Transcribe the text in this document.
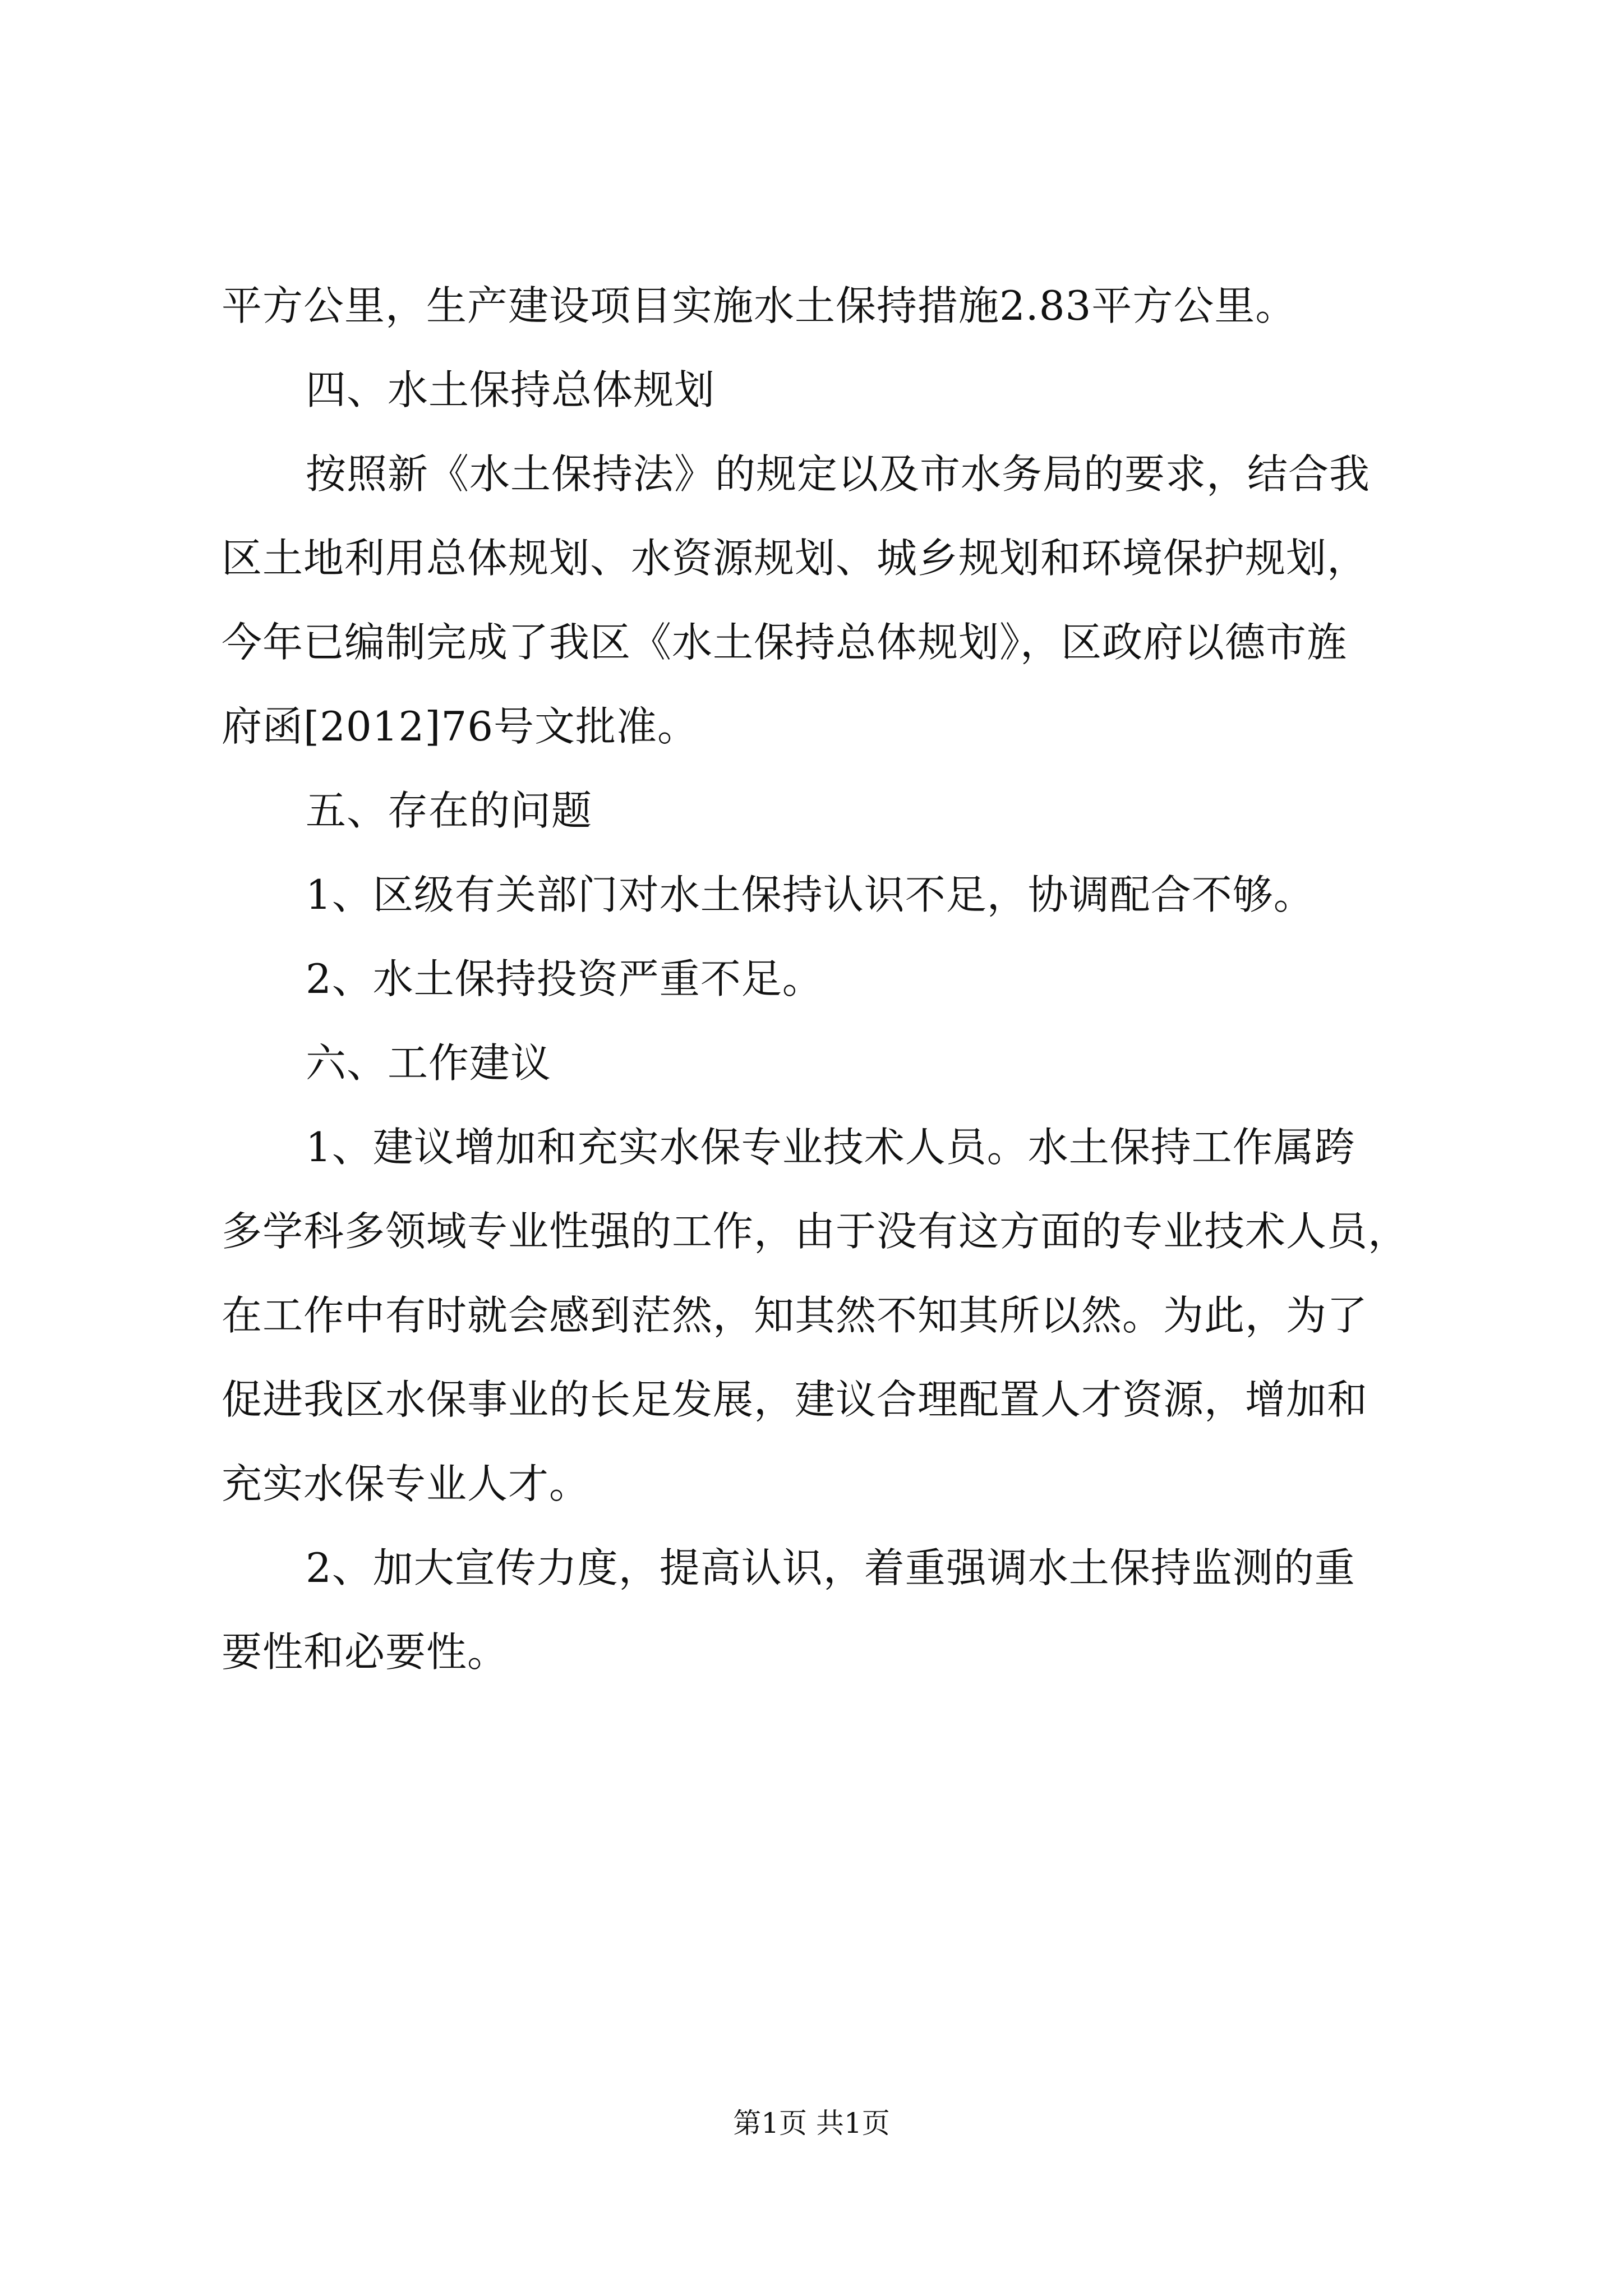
平方公里，生产建设项目实施水土保持措施2.83平方公里。
四、水土保持总体规划
按照新《水土保持法》的规定以及市水务局的要求，结合我
区土地利用总体规划、水资源规划、城乡规划和环境保护规划，
今年已编制完成了我区《水土保持总体规划》，区政府以德市旌
府函[2012]76号文批准。
五、存在的问题
1、区级有关部门对水土保持认识不足，协调配合不够。
2、水土保持投资严重不足。
六、工作建议
1、建议增加和充实水保专业技术人员。水土保持工作属跨
多学科多领域专业性强的工作，由于没有这方面的专业技术人员，
在工作中有时就会感到茫然，知其然不知其所以然。为此，为了
促进我区水保事业的长足发展，建议合理配置人才资源，增加和
充实水保专业人才。
2、加大宣传力度，提高认识，着重强调水土保持监测的重
要性和必要性。
第1页 共1页
